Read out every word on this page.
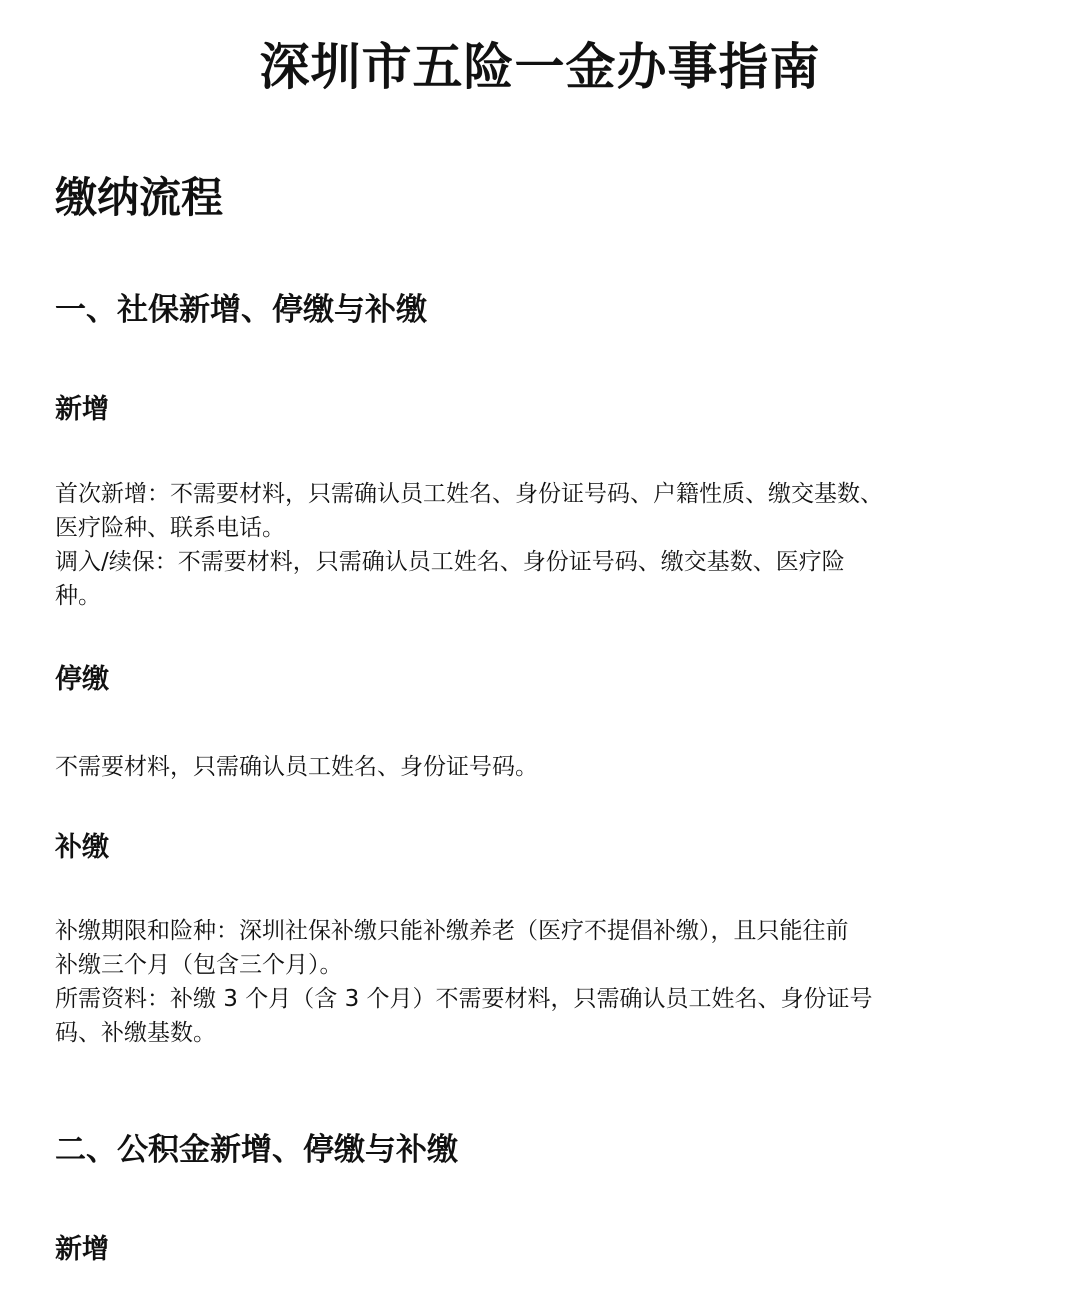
深圳市五险一金办事指南
缴纳流程
一、社保新增、停缴与补缴
新增
首次新增：不需要材料，只需确认员工姓名、身份证号码、户籍性质、缴交基数、
医疗险种、联系电话。
调入/续保：不需要材料，只需确认员工姓名、身份证号码、缴交基数、医疗险
种。
停缴
不需要材料，只需确认员工姓名、身份证号码。
补缴
补缴期限和险种：深圳社保补缴只能补缴养老（医疗不提倡补缴），且只能往前
补缴三个月（包含三个月）。
所需资料：补缴 3 个月（含 3 个月）不需要材料，只需确认员工姓名、身份证号
码、补缴基数。
二、公积金新增、停缴与补缴
新增
